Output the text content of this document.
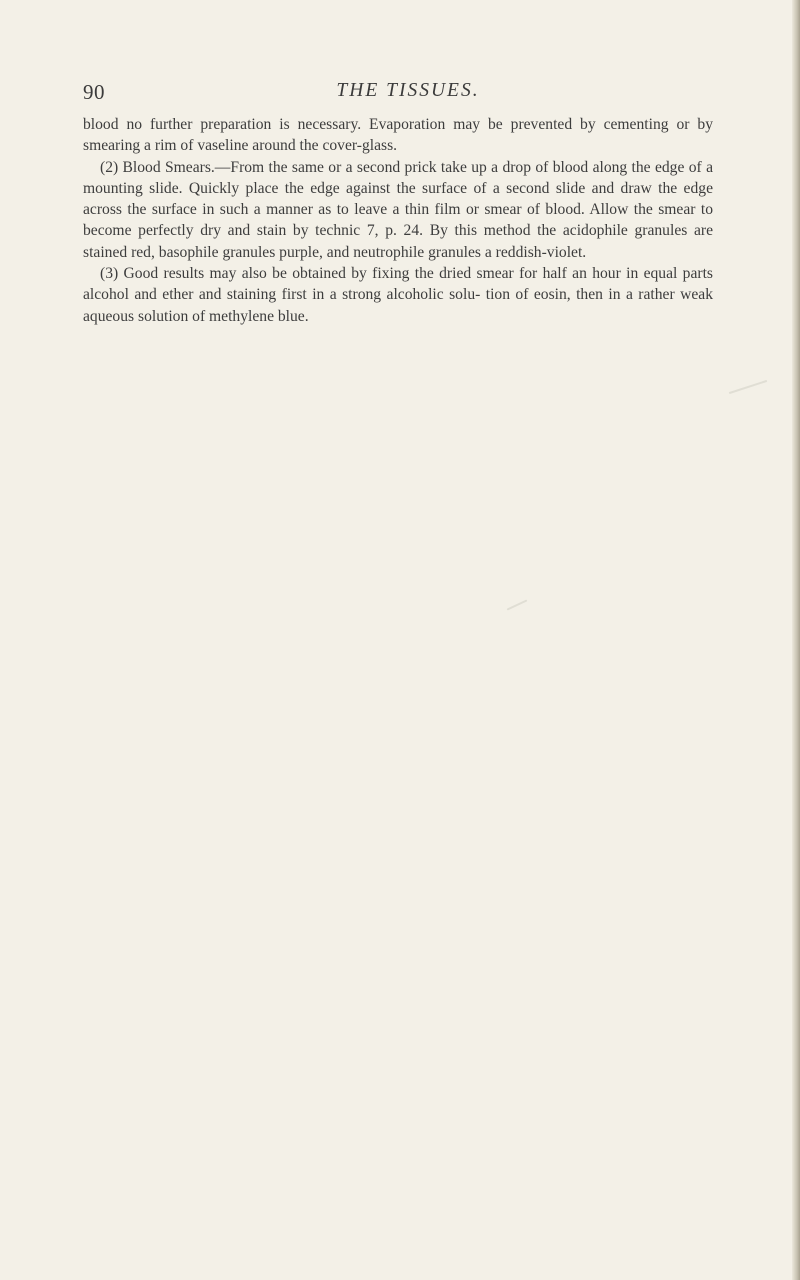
90	THE TISSUES.

blood no further preparation is necessary. Evaporation may be prevented by cementing or by smearing a rim of vaseline around the cover-glass.

(2) Blood Smears.—From the same or a second prick take up a drop of blood along the edge of a mounting slide. Quickly place the edge against the surface of a second slide and draw the edge across the surface in such a manner as to leave a thin film or smear of blood. Allow the smear to become perfectly dry and stain by technic 7, p. 24. By this method the acidophile granules are stained red, basophile granules purple, and neutrophile granules a reddish-violet.

(3) Good results may also be obtained by fixing the dried smear for half an hour in equal parts alcohol and ether and staining first in a strong alcoholic solu- tion of eosin, then in a rather weak aqueous solution of methylene blue.
